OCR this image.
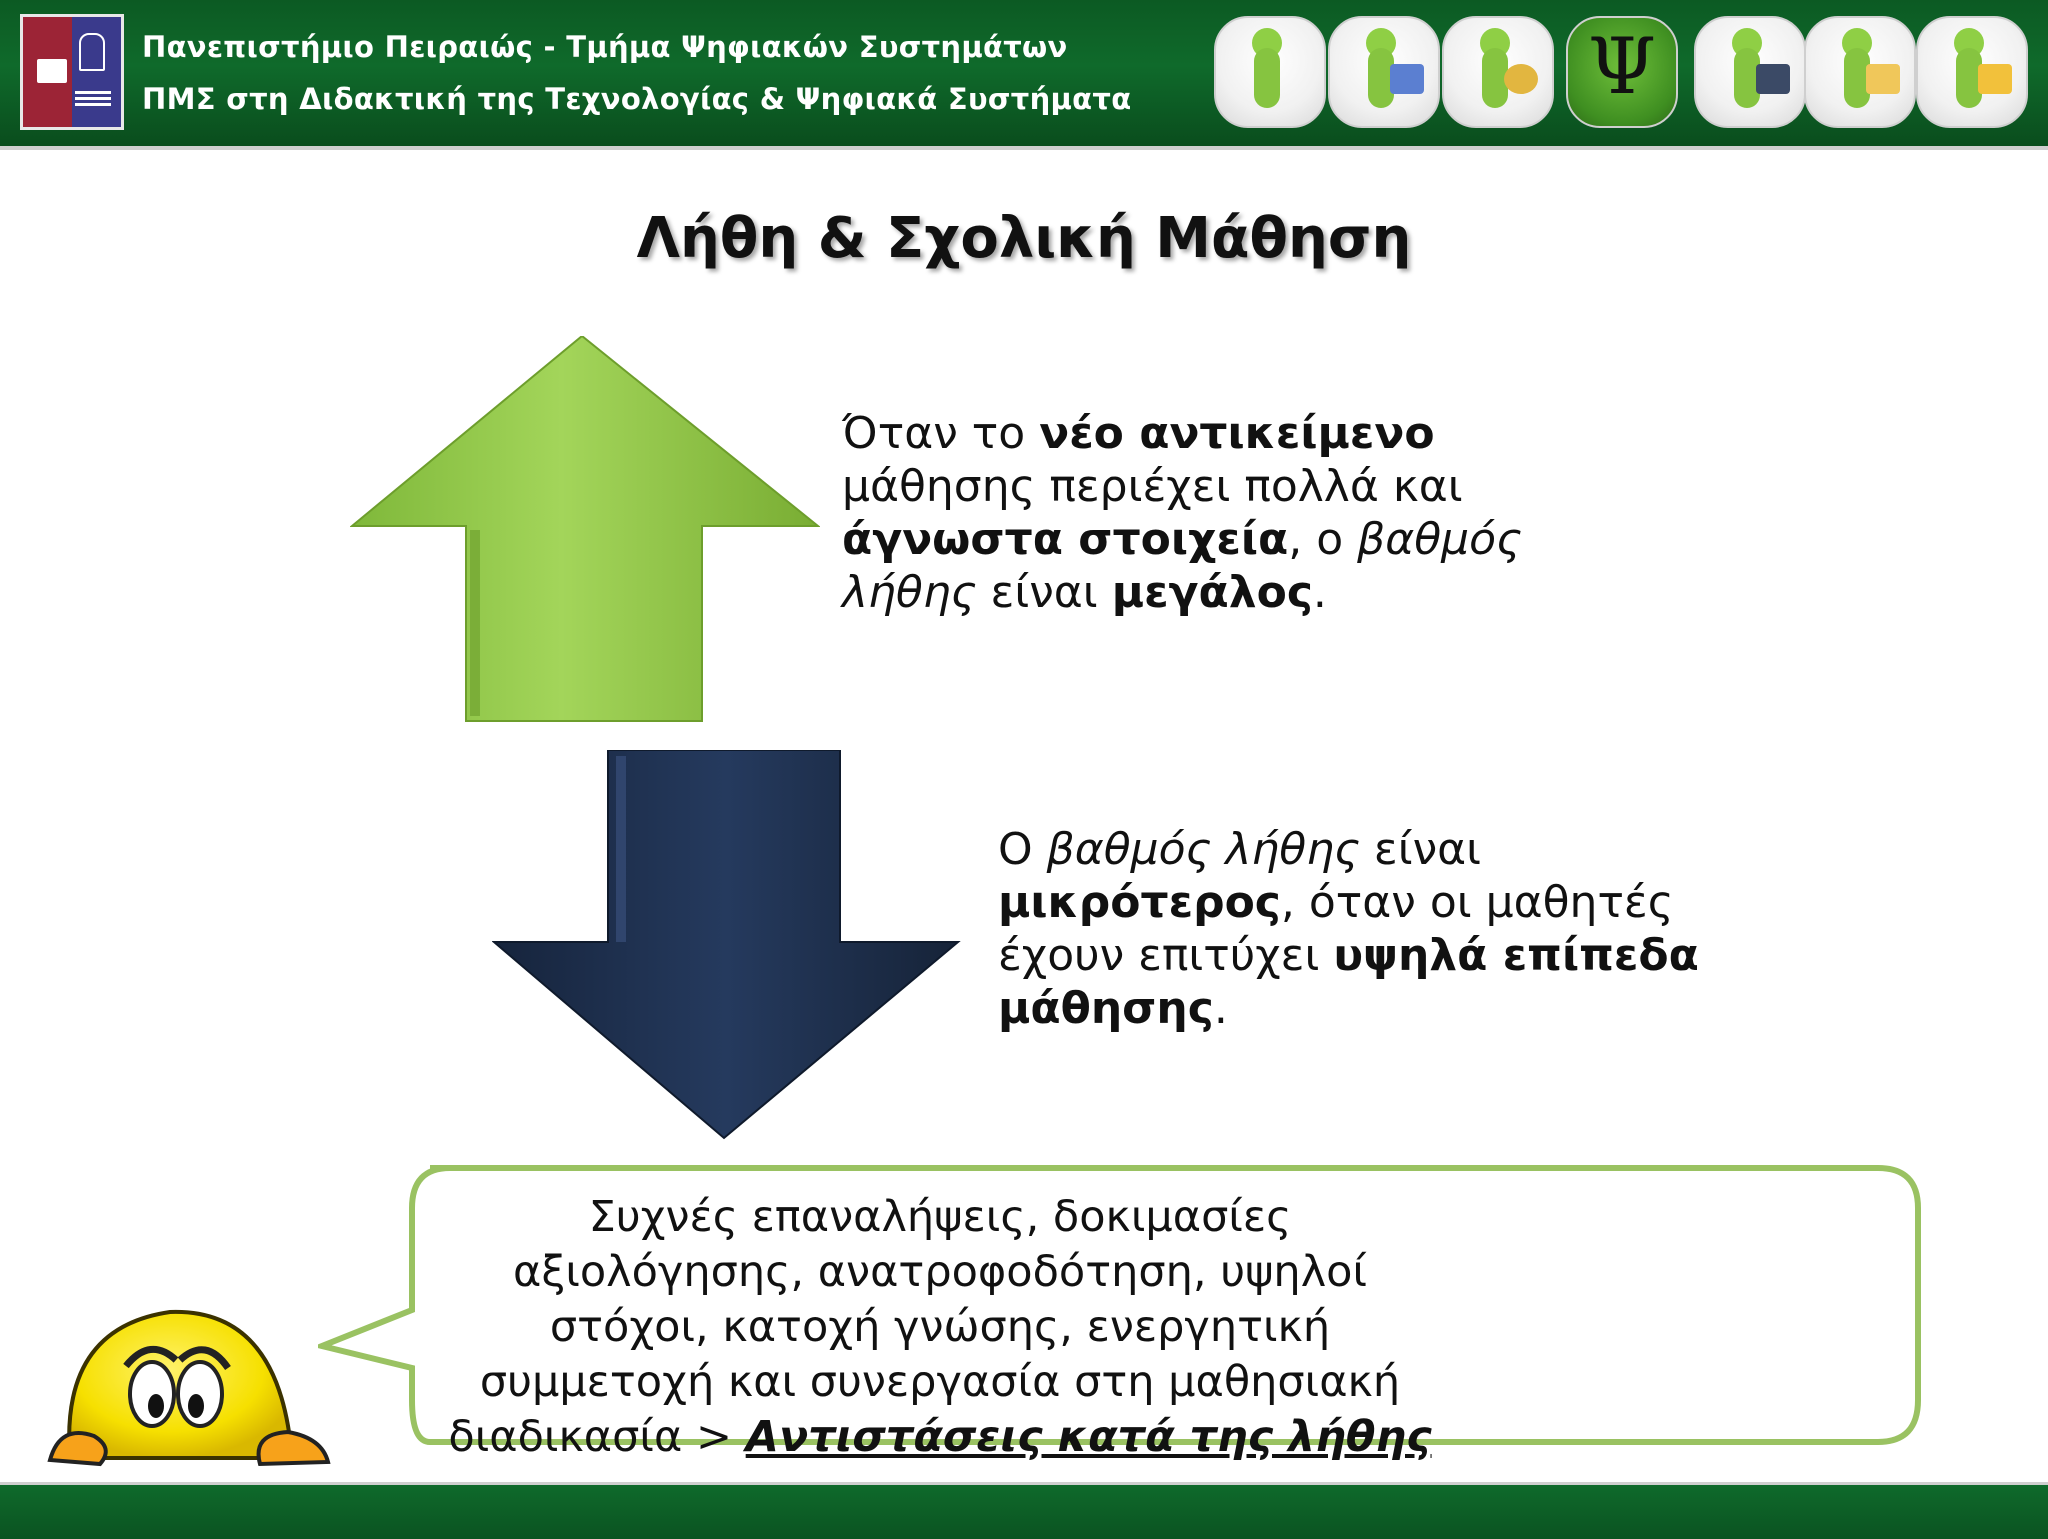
Πανεπιστήμιο Πειραιώς - Τμήμα Ψηφιακών Συστημάτων
ΠΜΣ στη Διδακτική της Τεχνολογίας & Ψηφιακά Συστήματα	Ψ
Λήθη & Σχολική Μάθηση
Όταν το νέο αντικείμενο μάθησης περιέχει πολλά και άγνωστα στοιχεία, ο βαθμός λήθης είναι μεγάλος.
Ο βαθμός λήθης είναι μικρότερος, όταν οι μαθητές έχουν επιτύχει υψηλά επίπεδα μάθησης.
Συχνές επαναλήψεις, δοκιμασίες αξιολόγησης, ανατροφοδότηση, υψηλοί στόχοι, κατοχή γνώσης, ενεργητική συμμετοχή και συνεργασία στη μαθησιακή διαδικασία > Αντιστάσεις κατά της λήθης
